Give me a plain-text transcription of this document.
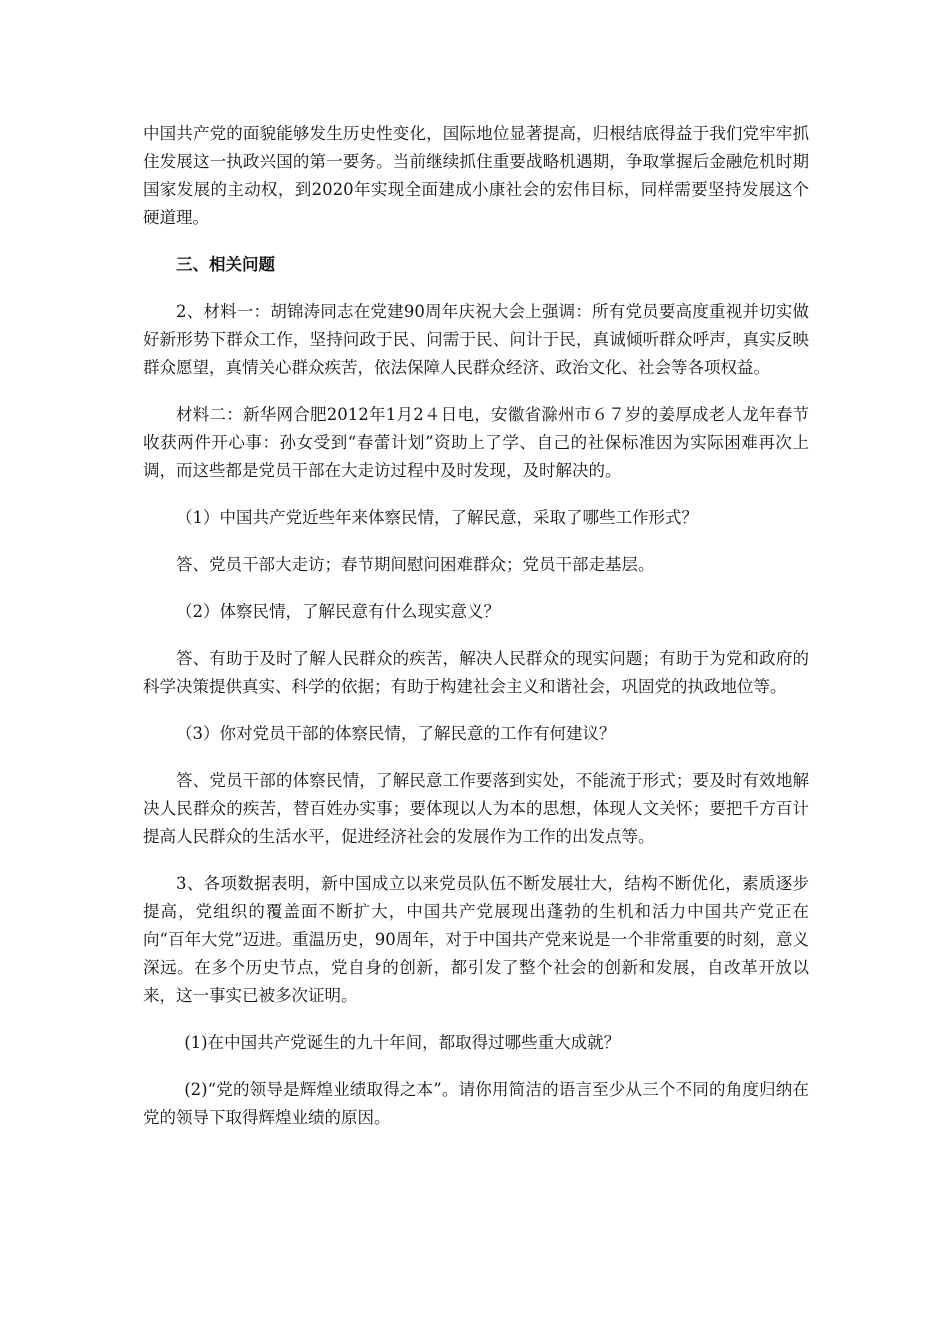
中国共产党的面貌能够发生历史性变化，国际地位显著提高，归根结底得益于我们党牢牢抓住发展这一执政兴国的第一要务。当前继续抓住重要战略机遇期，争取掌握后金融危机时期国家发展的主动权，到2020年实现全面建成小康社会的宏伟目标，同样需要坚持发展这个硬道理。

三、相关问题

2、材料一：胡锦涛同志在党建90周年庆祝大会上强调：所有党员要高度重视并切实做好新形势下群众工作，坚持问政于民、问需于民、问计于民，真诚倾听群众呼声，真实反映群众愿望，真情关心群众疾苦，依法保障人民群众经济、政治文化、社会等各项权益。

材料二：新华网合肥2012年1月2４日电，安徽省滁州市６７岁的姜厚成老人龙年春节收获两件开心事：孙女受到“春蕾计划”资助上了学、自己的社保标准因为实际困难再次上调，而这些都是党员干部在大走访过程中及时发现，及时解决的。

（1）中国共产党近些年来体察民情，了解民意，采取了哪些工作形式？

答、党员干部大走访；春节期间慰问困难群众；党员干部走基层。

（2）体察民情，了解民意有什么现实意义？

答、有助于及时了解人民群众的疾苦，解决人民群众的现实问题；有助于为党和政府的科学决策提供真实、科学的依据；有助于构建社会主义和谐社会，巩固党的执政地位等。

（3）你对党员干部的体察民情，了解民意的工作有何建议？

答、党员干部的体察民情，了解民意工作要落到实处，不能流于形式；要及时有效地解决人民群众的疾苦，替百姓办实事；要体现以人为本的思想，体现人文关怀；要把千方百计提高人民群众的生活水平，促进经济社会的发展作为工作的出发点等。

3、各项数据表明，新中国成立以来党员队伍不断发展壮大，结构不断优化，素质逐步提高，党组织的覆盖面不断扩大，中国共产党展现出蓬勃的生机和活力中国共产党正在向“百年大党”迈进。重温历史，90周年，对于中国共产党来说是一个非常重要的时刻，意义深远。在多个历史节点，党自身的创新，都引发了整个社会的创新和发展，自改革开放以来，这一事实已被多次证明。

(1)在中国共产党诞生的九十年间，都取得过哪些重大成就？

(2)“党的领导是辉煌业绩取得之本”。请你用简洁的语言至少从三个不同的角度归纳在党的领导下取得辉煌业绩的原因。
